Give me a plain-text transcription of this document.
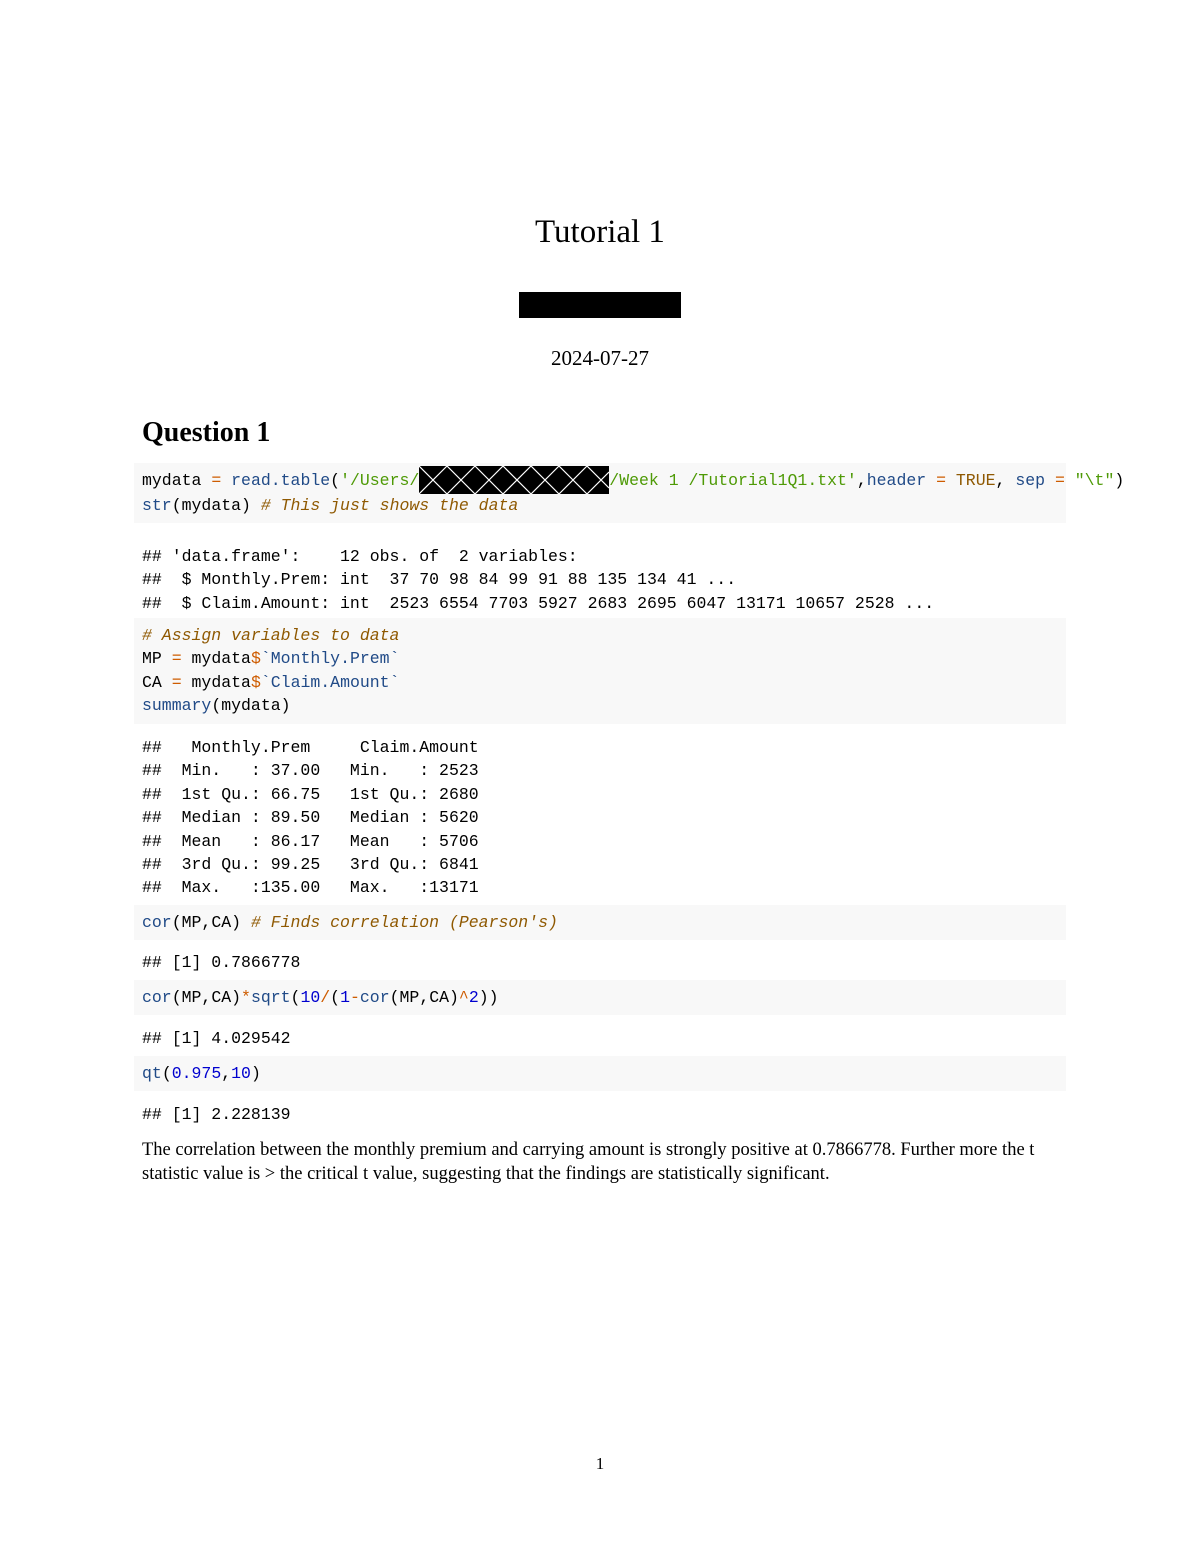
Tutorial 1
2024-07-27
Question 1
mydata = read.table('/Users/	/Week 1 /Tutorial1Q1.txt',header = TRUE, sep = "\t")
str(mydata) # This just shows the data
## 'data.frame':    12 obs. of  2 variables:
##  $ Monthly.Prem: int  37 70 98 84 99 91 88 135 134 41 ...
##  $ Claim.Amount: int  2523 6554 7703 5927 2683 2695 6047 13171 10657 2528 ...
# Assign variables to data
MP = mydata$`Monthly.Prem`
CA = mydata$`Claim.Amount`
summary(mydata)
##   Monthly.Prem     Claim.Amount
##  Min.   : 37.00   Min.   : 2523
##  1st Qu.: 66.75   1st Qu.: 2680
##  Median : 89.50   Median : 5620
##  Mean   : 86.17   Mean   : 5706
##  3rd Qu.: 99.25   3rd Qu.: 6841
##  Max.   :135.00   Max.   :13171
cor(MP,CA) # Finds correlation (Pearson's)
## [1] 0.7866778
cor(MP,CA)*sqrt(10/(1-cor(MP,CA)^2))
## [1] 4.029542
qt(0.975,10)
## [1] 2.228139
The correlation between the monthly premium and carrying amount is strongly positive at 0.7866778. Further more the t statistic value is > the critical t value, suggesting that the findings are statistically significant.
1
